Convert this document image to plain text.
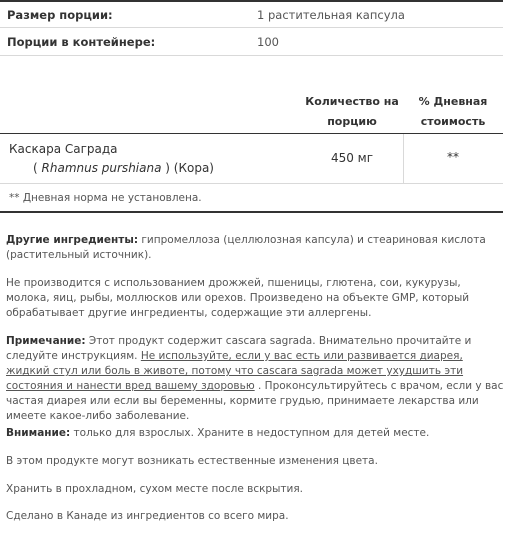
Размер порции:	1 растительная капсула
Порции в контейнере:	100
Количество на
порцию
% Дневная
стоимость
Каскара Саграда
( Rhamnus purshiana ) (Кора)
450 мг	**
** Дневная норма не установлена.
Другие ингредиенты: гипромеллоза (целлюлозная капсула) и стеариновая кислота (растительный источник).
Не производится с использованием дрожжей, пшеницы, глютена, сои, кукурузы, молока, яиц, рыбы, моллюсков или орехов. Произведено на объекте GMP, который обрабатывает другие ингредиенты, содержащие эти аллергены.
Примечание: Этот продукт содержит cascara sagrada. Внимательно прочитайте и следуйте инструкциям. Не используйте, если у вас есть или развивается диарея, жидкий стул или боль в животе, потому что cascara sagrada может ухудшить эти состояния и нанести вред вашему здоровью . Проконсультируйтесь с врачом, если у вас частая диарея или если вы беременны, кормите грудью, принимаете лекарства или имеете какое-либо заболевание.
Внимание: только для взрослых. Храните в недоступном для детей месте.
В этом продукте могут возникать естественные изменения цвета.
Хранить в прохладном, сухом месте после вскрытия.
Сделано в Канаде из ингредиентов со всего мира.
